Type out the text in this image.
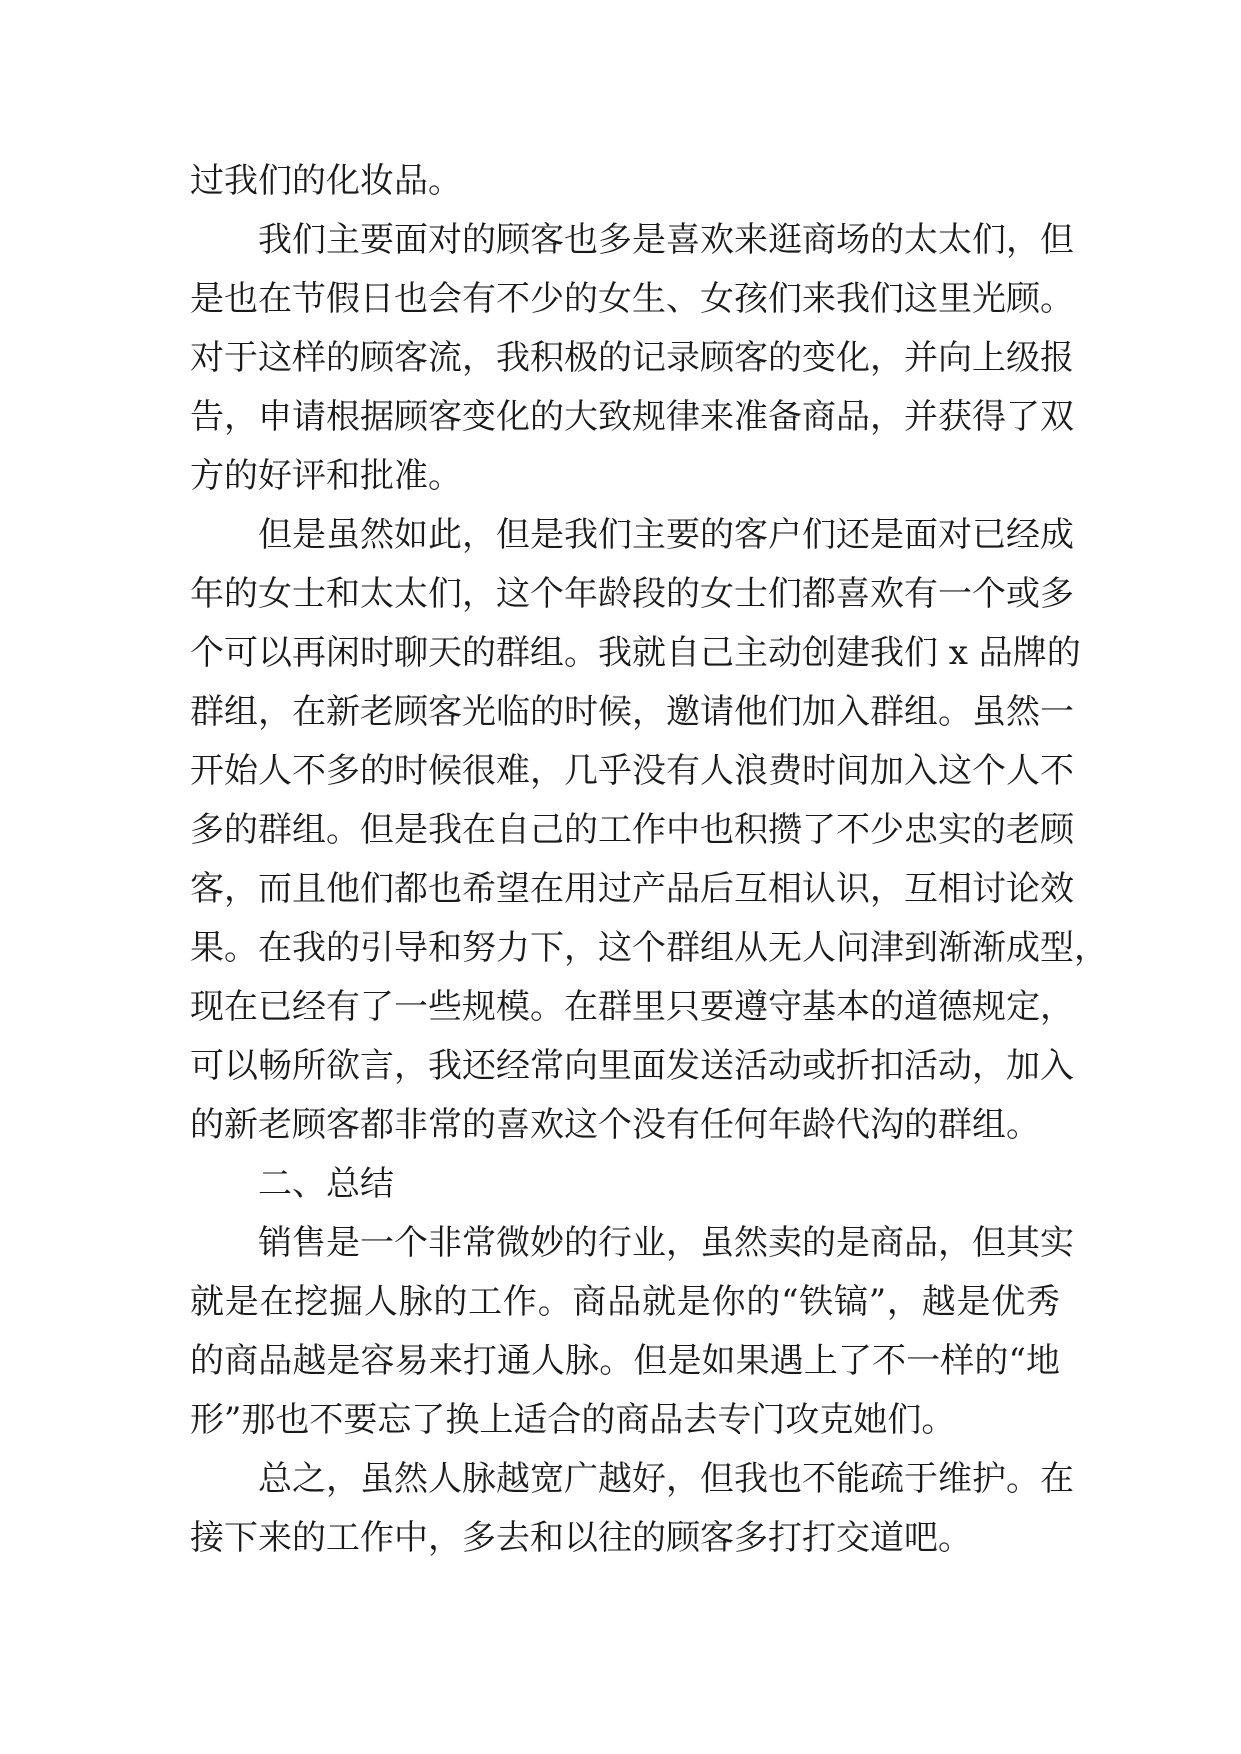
过我们的化妆品。
我们主要面对的顾客也多是喜欢来逛商场的太太们，但
是也在节假日也会有不少的女生、女孩们来我们这里光顾。
对于这样的顾客流，我积极的记录顾客的变化，并向上级报
告，申请根据顾客变化的大致规律来准备商品，并获得了双
方的好评和批准。
但是虽然如此，但是我们主要的客户们还是面对已经成
年的女士和太太们，这个年龄段的女士们都喜欢有一个或多
个可以再闲时聊天的群组。我就自己主动创建我们 x 品牌的
群组，在新老顾客光临的时候，邀请他们加入群组。虽然一
开始人不多的时候很难，几乎没有人浪费时间加入这个人不
多的群组。但是我在自己的工作中也积攒了不少忠实的老顾
客，而且他们都也希望在用过产品后互相认识，互相讨论效
果。在我的引导和努力下，这个群组从无人问津到渐渐成型，
现在已经有了一些规模。在群里只要遵守基本的道德规定，
可以畅所欲言，我还经常向里面发送活动或折扣活动，加入
的新老顾客都非常的喜欢这个没有任何年龄代沟的群组。
二、总结
销售是一个非常微妙的行业，虽然卖的是商品，但其实
就是在挖掘人脉的工作。商品就是你的“铁镐”，越是优秀
的商品越是容易来打通人脉。但是如果遇上了不一样的“地
形”那也不要忘了换上适合的商品去专门攻克她们。
总之，虽然人脉越宽广越好，但我也不能疏于维护。在
接下来的工作中，多去和以往的顾客多打打交道吧。
